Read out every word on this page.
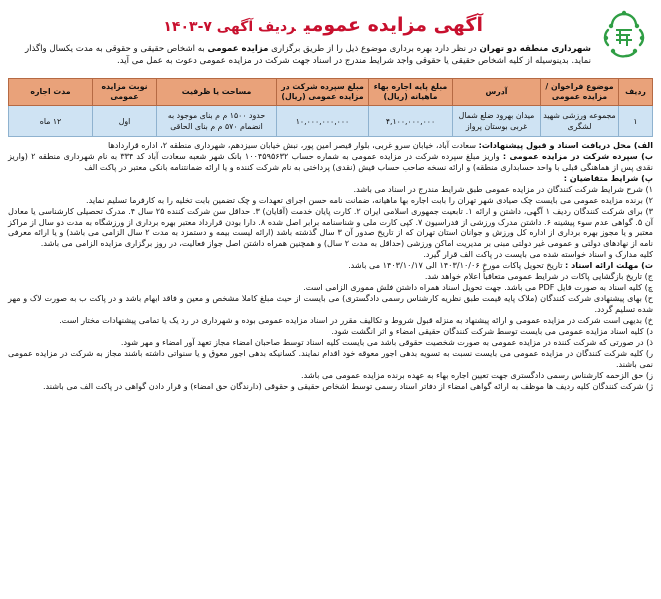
آگهی مزایده عمومیردیف آگهی ۷-۱۴۰۳
شهرداری منطقه دو تهران در نظر دارد بهره برداری موضوع ذیل را از طریق برگزاری مزایده عمومی به اشخاص حقیقی و حقوقی به مدت یکسال واگذار نماید. بدینوسیله از کلیه اشخاص حقیقی یا حقوقی واجد شرایط مندرج در اسناد جهت شرکت در مزایده عمومی دعوت به عمل می آید.
ردیف	موضوع فراخوان / مزایده عمومی	آدرس	مبلغ پایه اجاره بهاء ماهیانه (ریال)	مبلغ سپرده شرکت در مزایده عمومی (ریال)	مساحت یا ظرفیت	نوبت مزایده عمومی	مدت اجاره
۱	مجموعه ورزشی شهید لشگری	میدان بهرود ضلع شمال غربی بوستان پرواز	۴,۱۰۰,۰۰۰,۰۰۰	۱۰,۰۰۰,۰۰۰,۰۰۰	حدود ۱۵۰۰ م م بنای موجود به انضمام ۵۷۰ م م بنای الحاقی	اول	۱۲ ماه

الف) محل دریافت اسناد و قبول پیشنهادات: سعادت آباد، خیابان سرو غربی، بلوار قیصر امین پور، نبش خیابان سیزدهم، شهرداری منطقه ۲، اداره قراردادها

ب) سپرده شرکت در مزایده عمومی : واریز مبلغ سپرده شرکت در مزایده عمومی به شماره حساب ۱۰۰۴۵۹۵۶۳۲ بانک شهر شعبه سعادت آباد کد ۳۳۴ به نام شهرداری منطقه ۲ (واریز نقدی پس از هماهنگی قبلی با واحد حسابداری منطقه) و ارائه نسخه صاحب حساب فیش (نقدی) پرداختی به نام شرکت کننده و یا ارائه ضمانتنامه بانکی معتبر در پاکت الف

پ) شرایط متقاضیان :

۱) شرح شرایط شرکت کنندگان در مزایده عمومی طبق شرایط مندرج در اسناد می باشد.

۲) برنده مزایده عمومی می بایست چک صیادی شهر تهران را بابت اجاره بها ماهیانه، ضمانت نامه حسن اجرای تعهدات و چک تضمین بابت تخلیه را به کارفرما تسلیم نماید.

۳) برای شرکت کنندگان ردیف ۱ آگهی، داشتن و ارائه ۱. تابعیت جمهوری اسلامی ایران ۲. کارت پایان خدمت (آقایان) ۳. حداقل سن شرکت کننده ۲۵ سال ۴. مدرک تحصیلی کارشناسی یا معادل آن ۵. گواهی عدم سوء پیشینه ۶. داشتن مدرک ورزشی از فدراسیون ۷. کپی کارت ملی و شناسنامه برابر اصل شده ۸. دارا بودن قرارداد معتبر بهره برداری از ورزشگاه به مدت دو سال از مراکز معتبر و یا مجوز بهره برداری از اداره کل ورزش و جوانان استان تهران که از تاریخ صدور آن ۳ سال گذشته باشد (ارائه لیست بیمه و دستمزد به مدت ۲ سال الزامی می باشد) و یا ارائه معرفی نامه از نهادهای دولتی و عمومی غیر دولتی مبنی بر مدیریت اماکن ورزشی (حداقل به مدت ۲ سال) و همچنین همراه داشتن اصل جواز فعالیت، در روز برگزاری مزایده الزامی می باشد.

کلیه مدارک و اسناد خواسته شده می بایست در پاکت الف قرار گیرد.

ت) مهلت ارائه اسناد : تاریخ تحویل پاکات مورخ ۱۴۰۳/۱۰/۰۶ الی ۱۴۰۳/۱۰/۱۷ می باشد.

ج) تاریخ بازگشایی پاکات در شرایط عمومی متعاقباً اعلام خواهد شد.

چ) کلیه اسناد به صورت فایل PDF می باشد. جهت تحویل اسناد همراه داشتن فلش مموری الزامی است.

ح) بهای پیشنهادی شرکت کنندگان (ملاک پایه قیمت طبق نظریه کارشناس رسمی دادگستری) می بایست از حیث مبلغ کاملا مشخص و معین و فاقد ابهام باشد و در پاکت ب به صورت لاک و مهر شده تسلیم گردد.

خ) بدیهی است شرکت در مزایده عمومی و ارائه پیشنهاد به منزله قبول شروط و تکالیف مقرر در اسناد مزایده عمومی بوده و شهرداری در رد یک یا تمامی پیشنهادات مختار است.

د) کلیه اسناد مزایده عمومی می بایست توسط شرکت کنندگان حقیقی امضاء و اثر انگشت شود.

ذ) در صورتی که شرکت کننده در مزایده عمومی به صورت شخصیت حقوقی باشد می بایست کلیه اسناد توسط صاحبان امضاء مجاز تعهد آور امضاء و مهر شود.

ر) کلیه شرکت کنندگان در مزایده عمومی می بایست نسبت به تسویه بدهی اجور معوقه خود اقدام نمایند. کسانیکه بدهی اجور معوق و یا سنواتی داشته باشند مجاز به شرکت در مزایده عمومی نمی باشند.

ز) حق الزحمه کارشناس رسمی دادگستری جهت تعیین اجاره بهاء به عهده برنده مزایده عمومی می باشد.

ژ) شرکت کنندگان کلیه ردیف ها موظف به ارائه گواهی امضاء از دفاتر اسناد رسمی توسط اشخاص حقیقی و حقوقی (دارندگان حق امضاء) و قرار دادن گواهی در پاکت الف می باشند.
